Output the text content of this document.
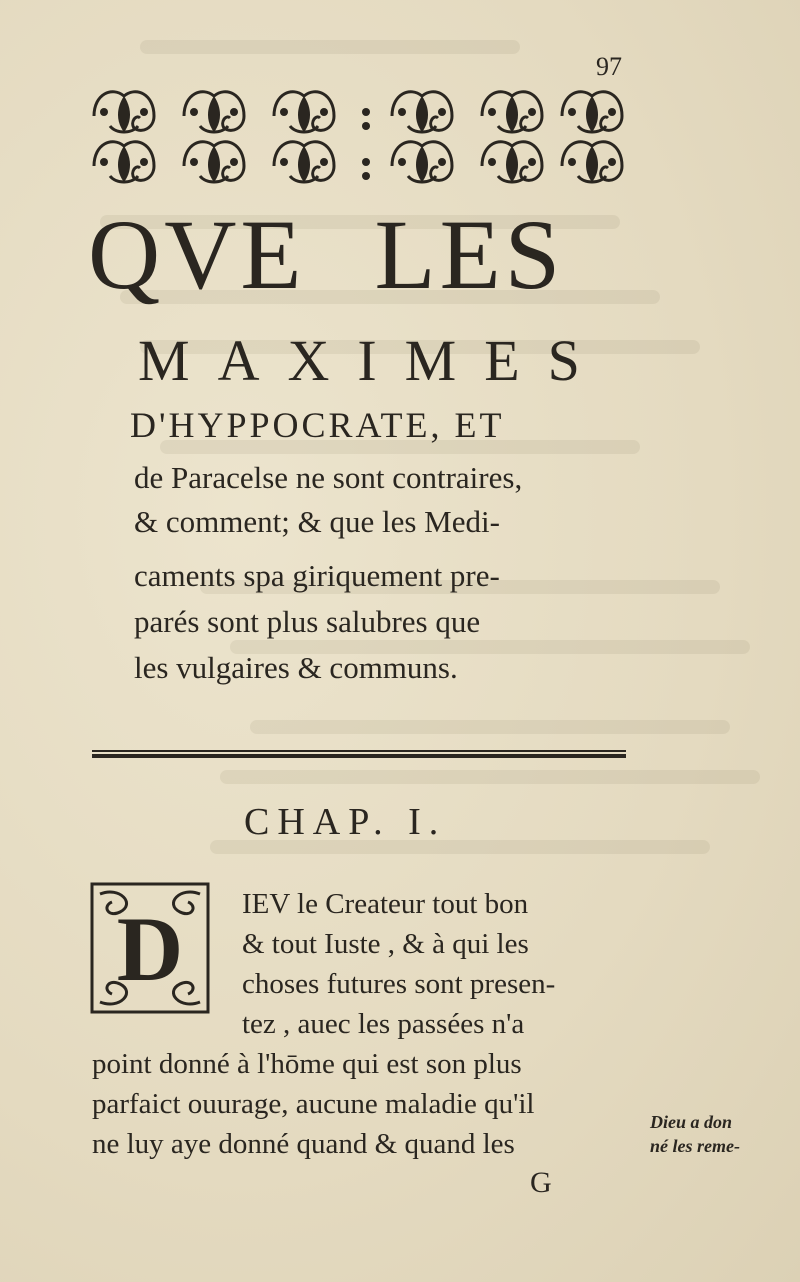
97
QVE LES
MAXIMES
D'HYPPOCRATE, ET
de Paracelse ne sont contraires,
& comment; & que les Medi-
caments spa giriquement pre-
parés sont plus salubres que
les vulgaires & communs.
CHAP. I.
D IEV le Createur tout bon
& tout Iuste , & à qui les
choses futures sont presen-
tez , auec les passées n'a
point donné à l'hōme qui est son plus
parfaict ouurage, aucune maladie qu'il
ne luy aye donné quand & quand les
Dieu a don
né les reme-
G
